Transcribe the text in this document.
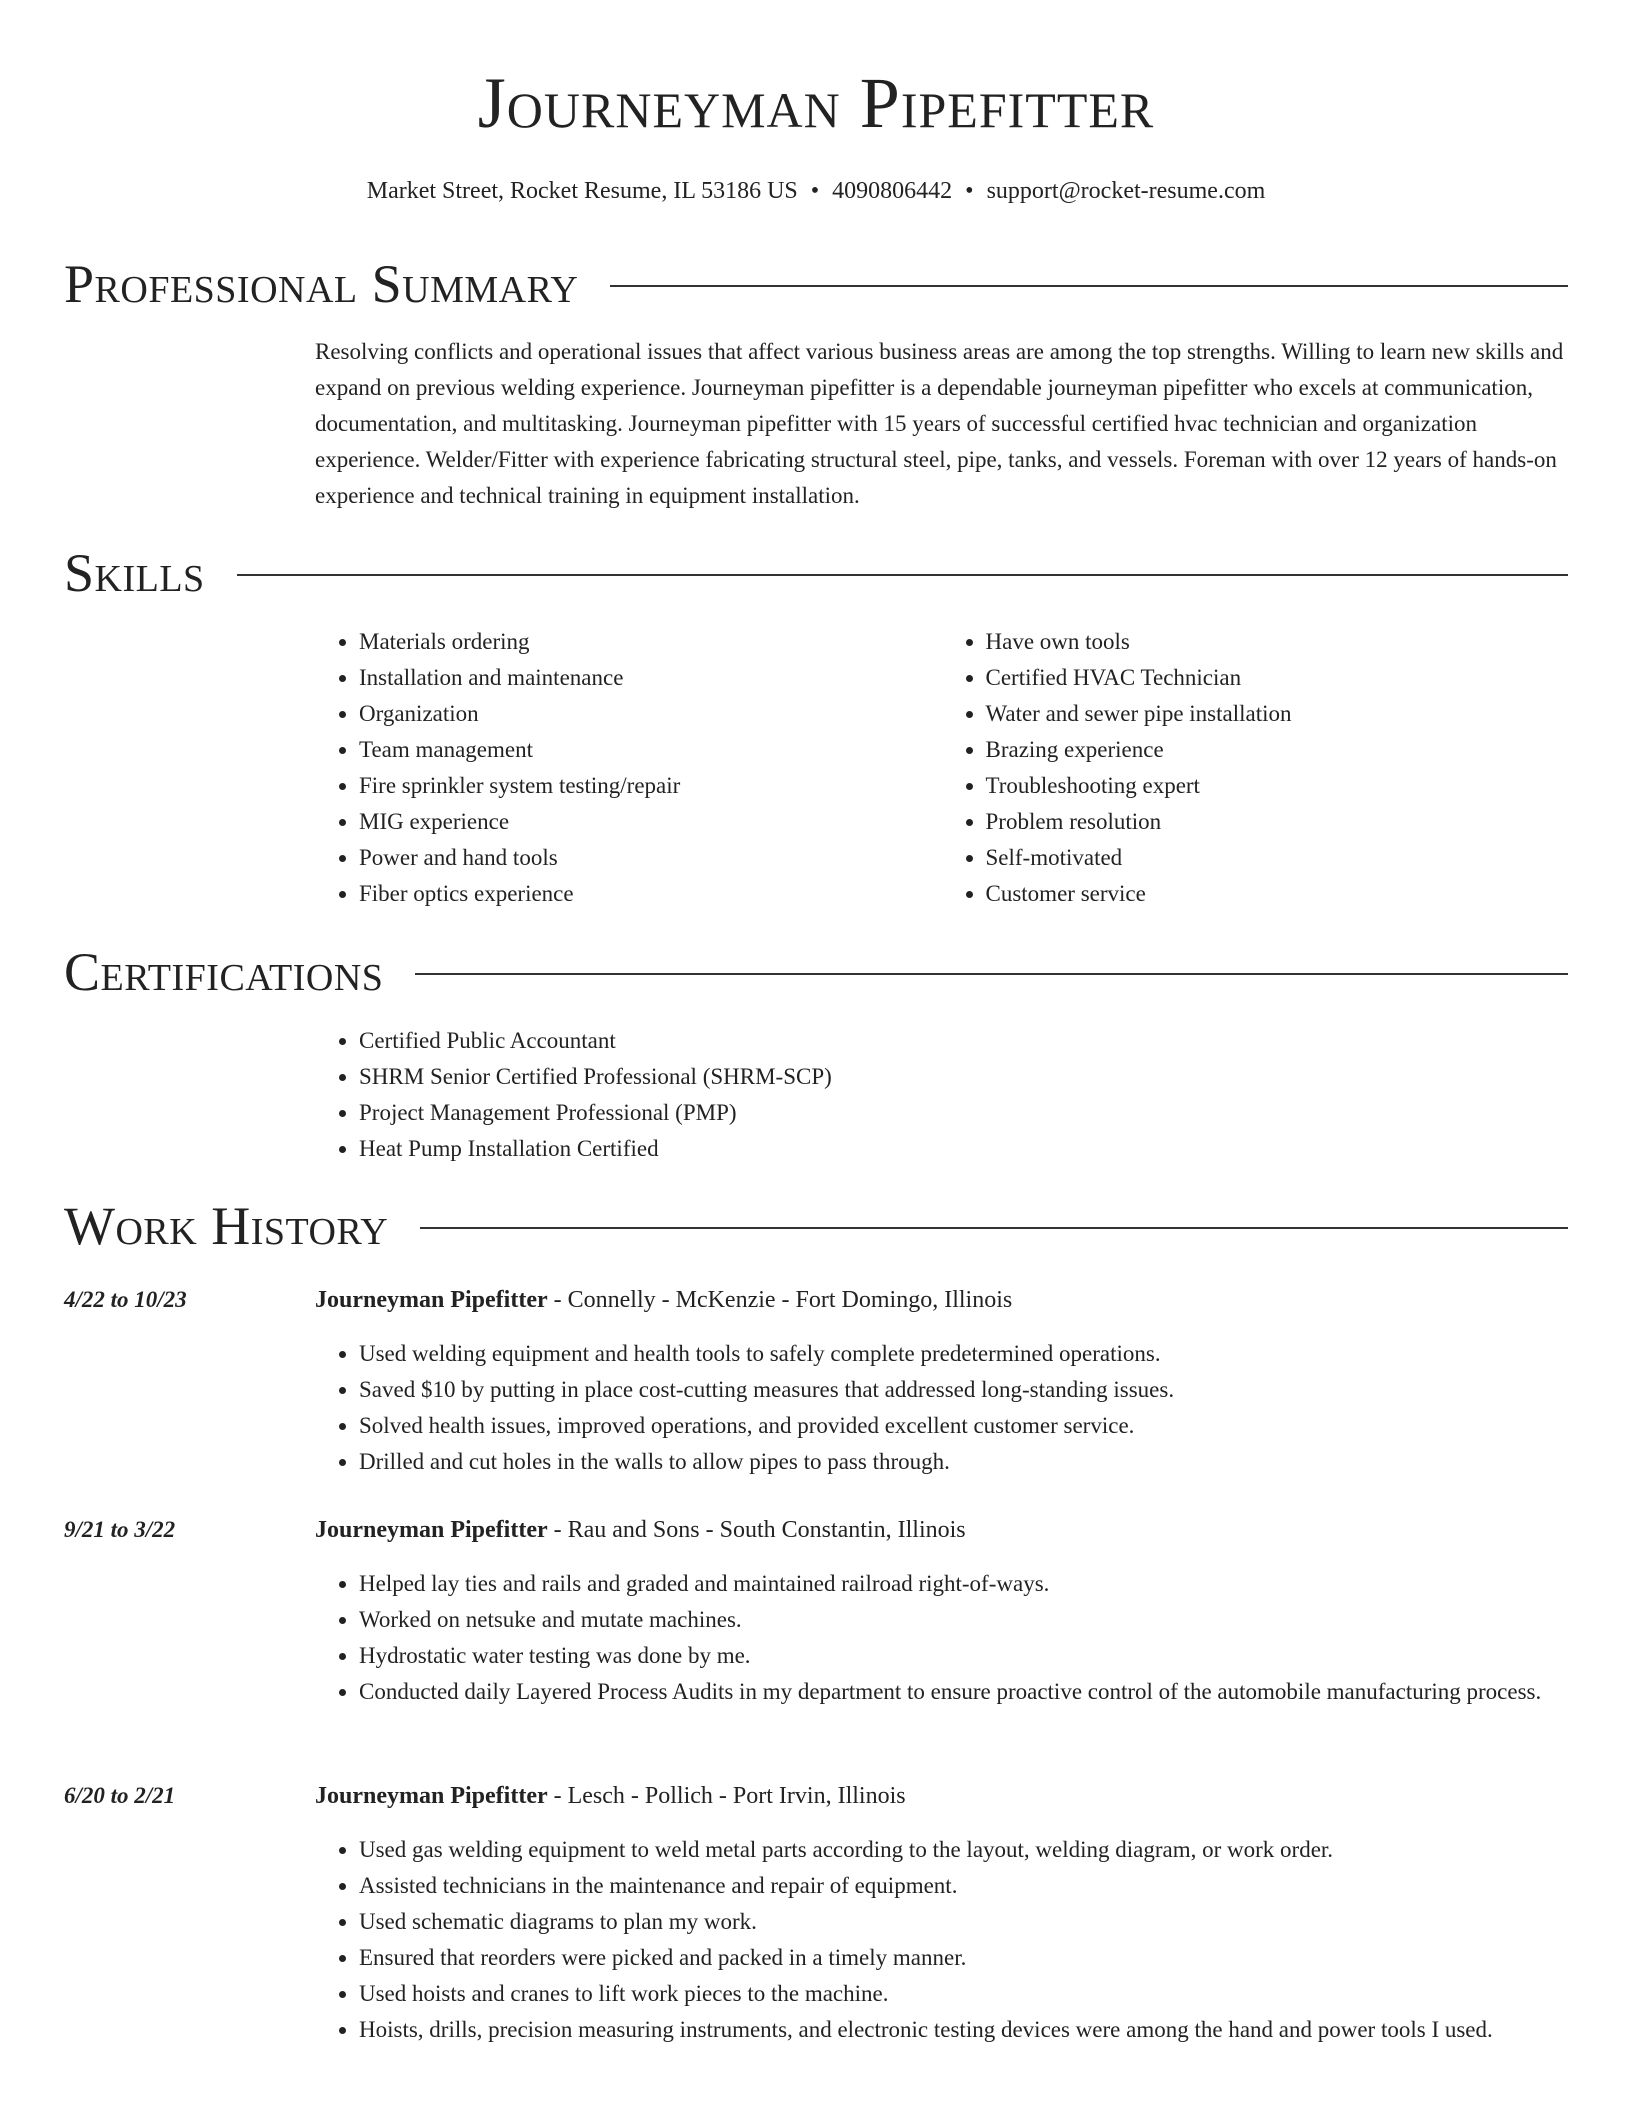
Journeyman Pipefitter
Market Street, Rocket Resume, IL 53186 US • 4090806442 • support@rocket-resume.com
Professional Summary

Resolving conflicts and operational issues that affect various business areas are among the top strengths. Willing to learn new skills and expand on previous welding experience. Journeyman pipefitter is a dependable journeyman pipefitter who excels at communication, documentation, and multitasking. Journeyman pipefitter with 15 years of successful certified hvac technician and organization experience. Welder/Fitter with experience fabricating structural steel, pipe, tanks, and vessels. Foreman with over 12 years of hands-on experience and technical training in equipment installation.

Skills
• Materials ordering
• Installation and maintenance
• Organization
• Team management
• Fire sprinkler system testing/repair
• MIG experience
• Power and hand tools
• Fiber optics experience
• Have own tools
• Certified HVAC Technician
• Water and sewer pipe installation
• Brazing experience
• Troubleshooting expert
• Problem resolution
• Self-motivated
• Customer service
Certifications
• Certified Public Accountant
• SHRM Senior Certified Professional (SHRM-SCP)
• Project Management Professional (PMP)
• Heat Pump Installation Certified
Work History
4/22 to 10/23	Journeyman Pipefitter - Connelly - McKenzie - Fort Domingo, Illinois
• Used welding equipment and health tools to safely complete predetermined operations.
• Saved $10 by putting in place cost-cutting measures that addressed long-standing issues.
• Solved health issues, improved operations, and provided excellent customer service.
• Drilled and cut holes in the walls to allow pipes to pass through.
9/21 to 3/22	Journeyman Pipefitter - Rau and Sons - South Constantin, Illinois
• Helped lay ties and rails and graded and maintained railroad right-of-ways.
• Worked on netsuke and mutate machines.
• Hydrostatic water testing was done by me.
• Conducted daily Layered Process Audits in my department to ensure proactive control of the automobile manufacturing process.
6/20 to 2/21	Journeyman Pipefitter - Lesch - Pollich - Port Irvin, Illinois
• Used gas welding equipment to weld metal parts according to the layout, welding diagram, or work order.
• Assisted technicians in the maintenance and repair of equipment.
• Used schematic diagrams to plan my work.
• Ensured that reorders were picked and packed in a timely manner.
• Used hoists and cranes to lift work pieces to the machine.
• Hoists, drills, precision measuring instruments, and electronic testing devices were among the hand and power tools I used.
